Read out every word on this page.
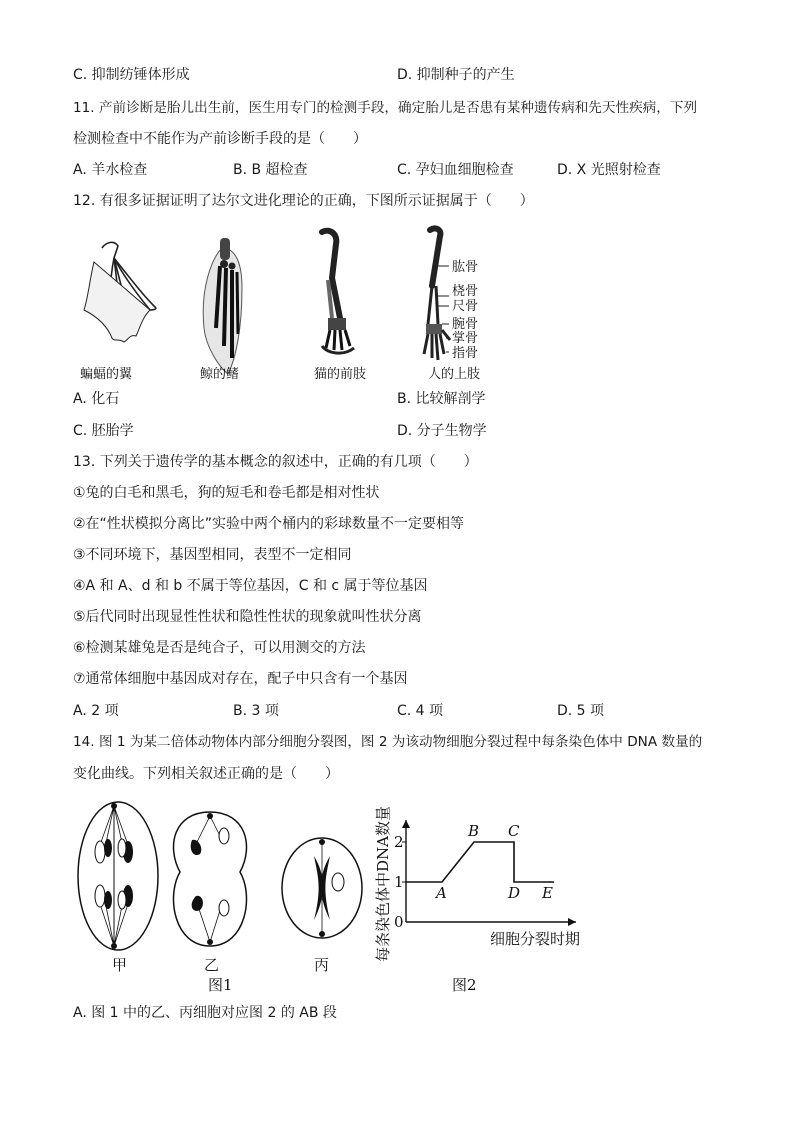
C. 抑制纺锤体形成	D. 抑制种子的产生
11. 产前诊断是胎儿出生前，医生用专门的检测手段，确定胎儿是否患有某种遗传病和先天性疾病，下列
检测检查中不能作为产前诊断手段的是（　　）
A. 羊水检查	B. B 超检查	C. 孕妇血细胞检查	D. X 光照射检查
12. 有很多证据证明了达尔文进化理论的正确，下图所示证据属于（　　）
肱骨
桡骨
尺骨
腕骨
掌骨
指骨
蝙蝠的翼	鲸的鳍	猫的前肢	人的上肢
A. 化石	B. 比较解剖学
C. 胚胎学	D. 分子生物学
13. 下列关于遗传学的基本概念的叙述中，正确的有几项（　　）
①兔的白毛和黑毛，狗的短毛和卷毛都是相对性状
②在“性状模拟分离比”实验中两个桶内的彩球数量不一定要相等
③不同环境下，基因型相同，表型不一定相同
④A 和 A、d 和 b 不属于等位基因，C 和 c 属于等位基因
⑤后代同时出现显性性状和隐性性状的现象就叫性状分离
⑥检测某雄兔是否是纯合子，可以用测交的方法
⑦通常体细胞中基因成对存在，配子中只含有一个基因
A. 2 项	B. 3 项	C. 4 项	D. 5 项
14. 图 1 为某二倍体动物体内部分细胞分裂图，图 2 为该动物细胞分裂过程中每条染色体中 DNA 数量的
变化曲线。下列相关叙述正确的是（　　）
甲	乙	丙
图1
每条染色体中DNA数量 2
1
0
A
B C
D E
细胞分裂时期
图2
A. 图 1 中的乙、丙细胞对应图 2 的 AB 段
